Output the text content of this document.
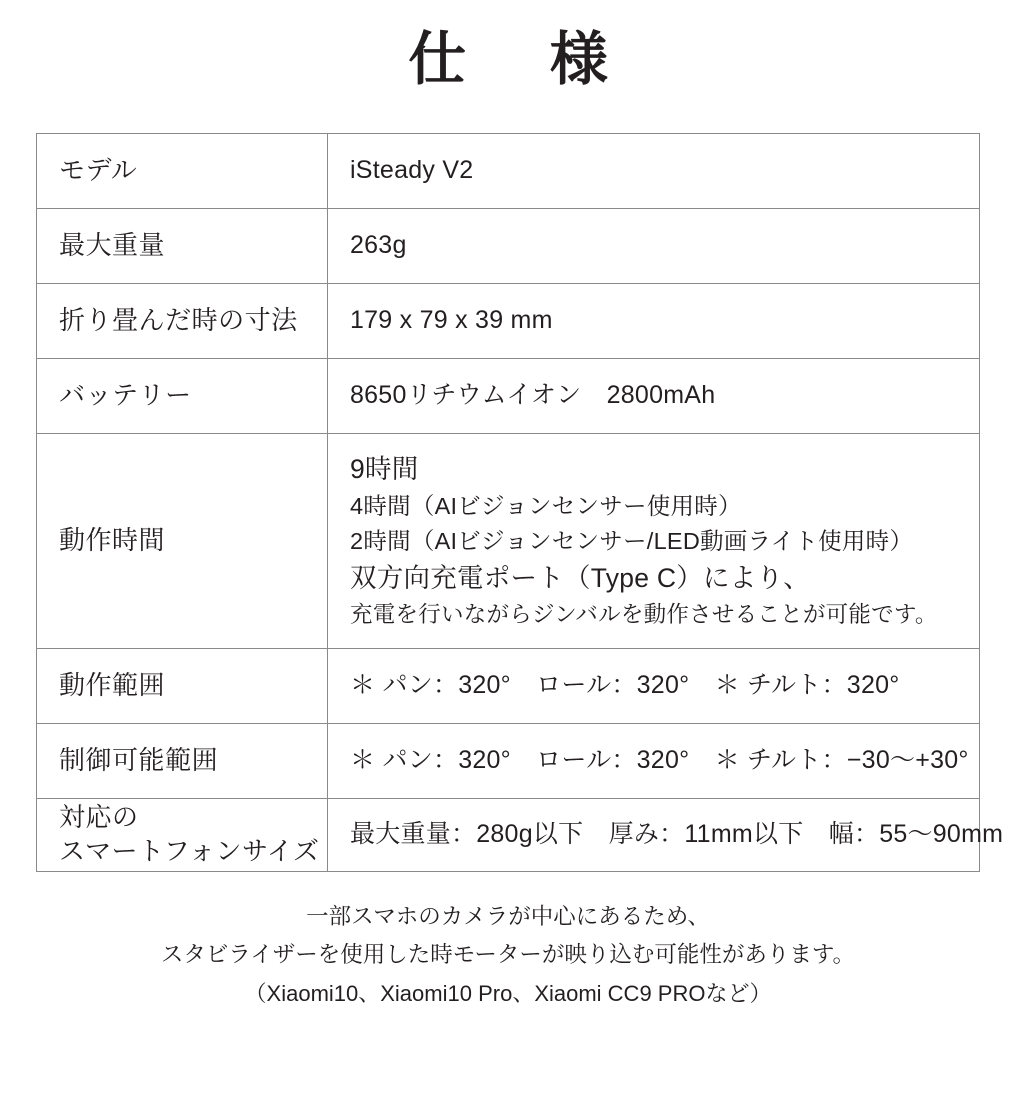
仕　様
モデル	iSteady V2
最大重量	263g
折り畳んだ時の寸法	179 x 79 x 39 mm
バッテリー	8650リチウムイオン　2800mAh
動作時間	9時間
4時間（AIビジョンセンサー使用時）
2時間（AIビジョンセンサー/LED動画ライト使用時）
双方向充電ポート（Type C）により、
充電を行いながらジンバルを動作させることが可能です。

動作範囲	＊ パン：320°　ロール：320°　＊ チルト：320°
制御可能範囲	＊ パン：320°　ロール：320°　＊ チルト：−30〜+30°

対応の
スマートフォンサイズ	最大重量：280g以下　厚み：11mm以下　幅：55〜90mm
一部スマホのカメラが中心にあるため、
スタビライザーを使用した時モーターが映り込む可能性があります。
（Xiaomi10、Xiaomi10 Pro、Xiaomi CC9 PROなど）
